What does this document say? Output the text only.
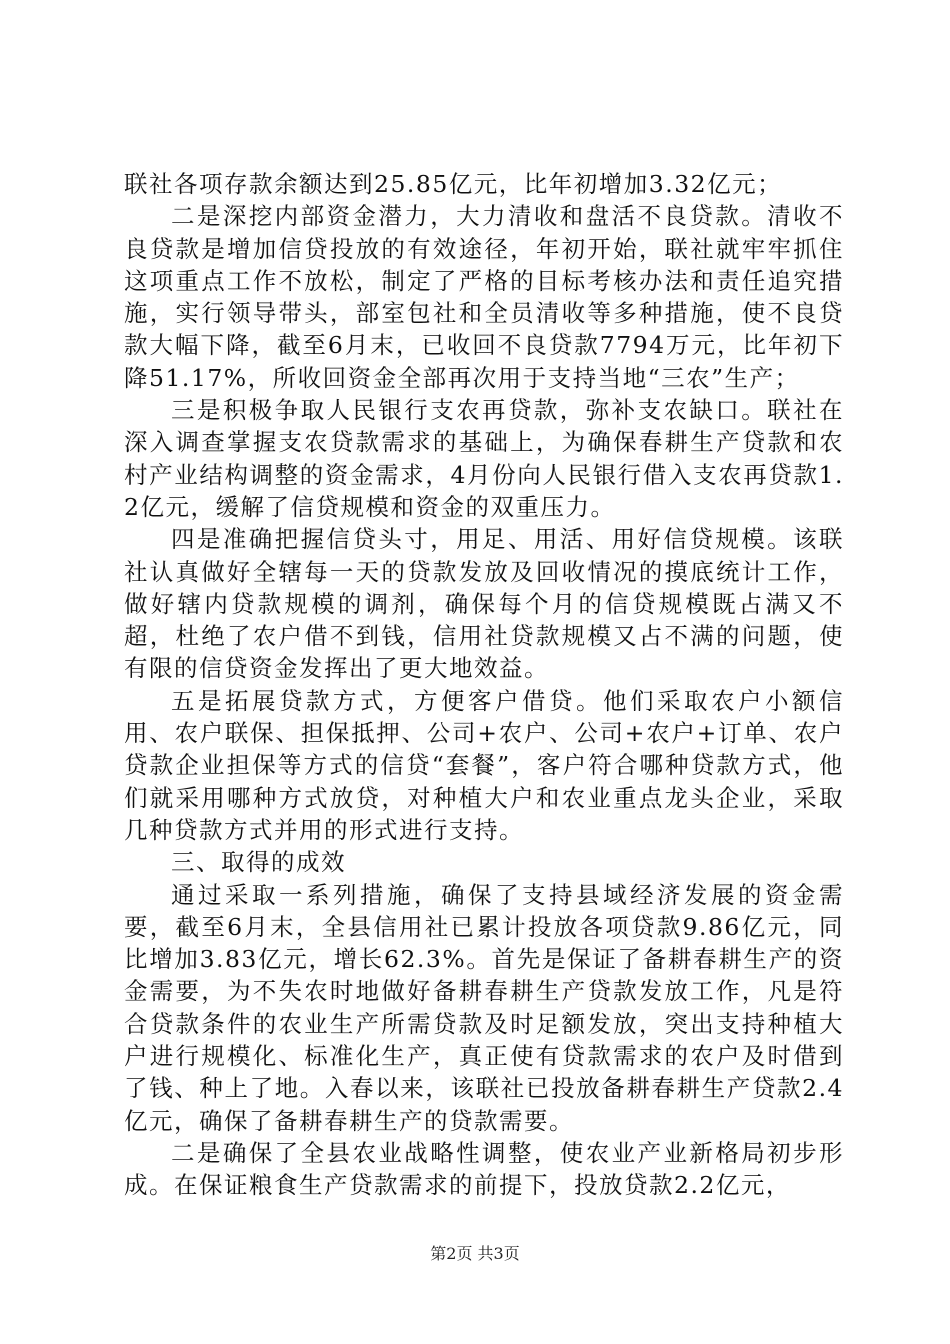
联社各项存款余额达到25.85亿元，比年初增加3.32亿元；

二是深挖内部资金潜力，大力清收和盘活不良贷款。清收不良贷款是增加信贷投放的有效途径，年初开始，联社就牢牢抓住这项重点工作不放松，制定了严格的目标考核办法和责任追究措施，实行领导带头，部室包社和全员清收等多种措施，使不良贷款大幅下降，截至6月末，已收回不良贷款7794万元，比年初下降51.17%，所收回资金全部再次用于支持当地“三农”生产；

三是积极争取人民银行支农再贷款，弥补支农缺口。联社在深入调查掌握支农贷款需求的基础上，为确保春耕生产贷款和农村产业结构调整的资金需求，4月份向人民银行借入支农再贷款1.2亿元，缓解了信贷规模和资金的双重压力。

四是准确把握信贷头寸，用足、用活、用好信贷规模。该联社认真做好全辖每一天的贷款发放及回收情况的摸底统计工作，做好辖内贷款规模的调剂，确保每个月的信贷规模既占满又不超，杜绝了农户借不到钱，信用社贷款规模又占不满的问题，使有限的信贷资金发挥出了更大地效益。

五是拓展贷款方式，方便客户借贷。他们采取农户小额信用、农户联保、担保抵押、公司+农户、公司+农户+订单、农户贷款企业担保等方式的信贷“套餐”，客户符合哪种贷款方式，他们就采用哪种方式放贷，对种植大户和农业重点龙头企业，采取几种贷款方式并用的形式进行支持。

三、取得的成效

通过采取一系列措施，确保了支持县域经济发展的资金需要，截至6月末，全县信用社已累计投放各项贷款9.86亿元，同比增加3.83亿元，增长62.3%。首先是保证了备耕春耕生产的资金需要，为不失农时地做好备耕春耕生产贷款发放工作，凡是符合贷款条件的农业生产所需贷款及时足额发放，突出支持种植大户进行规模化、标准化生产，真正使有贷款需求的农户及时借到了钱、种上了地。入春以来，该联社已投放备耕春耕生产贷款2.4亿元，确保了备耕春耕生产的贷款需要。

二是确保了全县农业战略性调整，使农业产业新格局初步形成。在保证粮食生产贷款需求的前提下，投放贷款2.2亿元，

第2页 共3页
